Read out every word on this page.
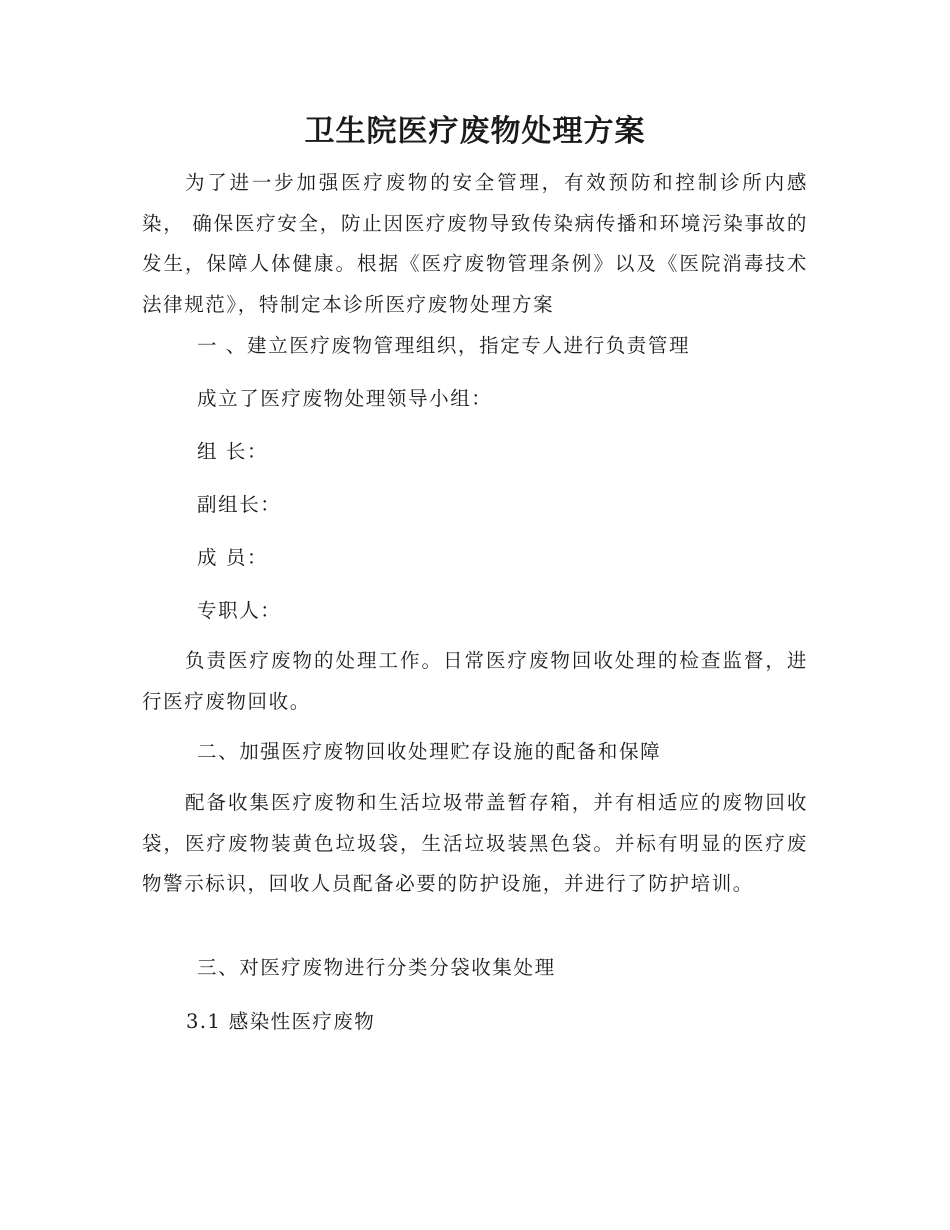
卫生院医疗废物处理方案
为了进一步加强医疗废物的安全管理，有效预防和控制诊所内感染， 确保医疗安全，防止因医疗废物导致传染病传播和环境污染事故的发生，保障人体健康。根据《医疗废物管理条例》以及《医院消毒技术法律规范》，特制定本诊所医疗废物处理方案
一 、建立医疗废物管理组织，指定专人进行负责管理
成立了医疗废物处理领导小组：
组 长：
副组长：
成 员：
专职人：
负责医疗废物的处理工作。日常医疗废物回收处理的检查监督，进行医疗废物回收。
二、加强医疗废物回收处理贮存设施的配备和保障
配备收集医疗废物和生活垃圾带盖暂存箱，并有相适应的废物回收袋，医疗废物装黄色垃圾袋，生活垃圾装黑色袋。并标有明显的医疗废物警示标识，回收人员配备必要的防护设施，并进行了防护培训。
三、对医疗废物进行分类分袋收集处理
3.1 感染性医疗废物
